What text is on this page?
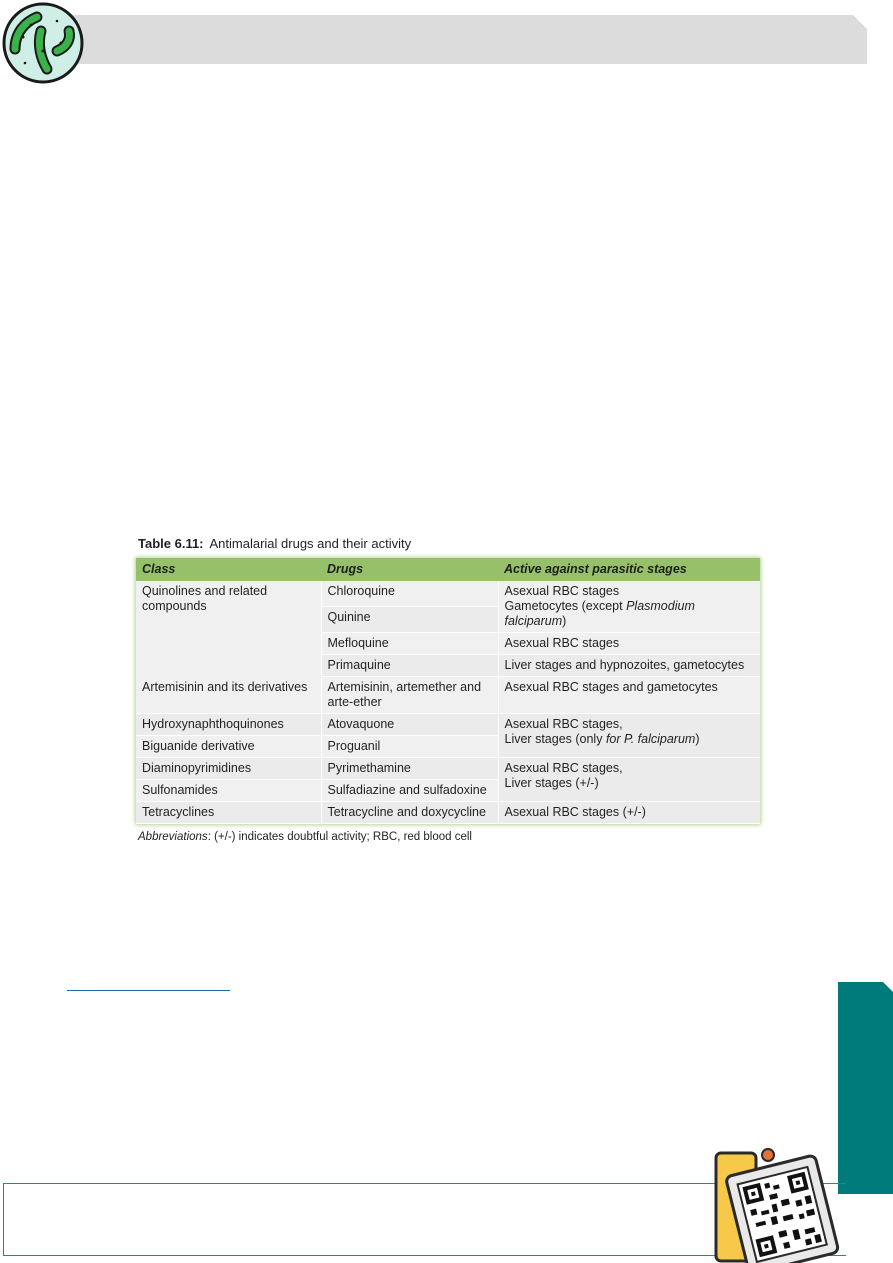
Table 6.11: Antimalarial drugs and their activity
Class	Drugs	Active against parasitic stages
Quinolines and related compounds	Chloroquine	Asexual RBC stages
Gametocytes (except Plasmodium falciparum)
	Quinine	
	Mefloquine	Asexual RBC stages
	Primaquine	Liver stages and hypnozoites, gametocytes
Artemisinin and its derivatives	Artemisinin, artemether and arte-ether	Asexual RBC stages and gametocytes
Hydroxynaphthoquinones	Atovaquone	Asexual RBC stages,
Liver stages (only for P. falciparum)
Biguanide derivative	Proguanil	
Diaminopyrimidines	Pyrimethamine	Asexual RBC stages,
Liver stages (+/-)
Sulfonamides	Sulfadiazine and sulfadoxine	
Tetracyclines	Tetracycline and doxycycline	Asexual RBC stages (+/-)
Abbreviations: (+/-) indicates doubtful activity; RBC, red blood cell
